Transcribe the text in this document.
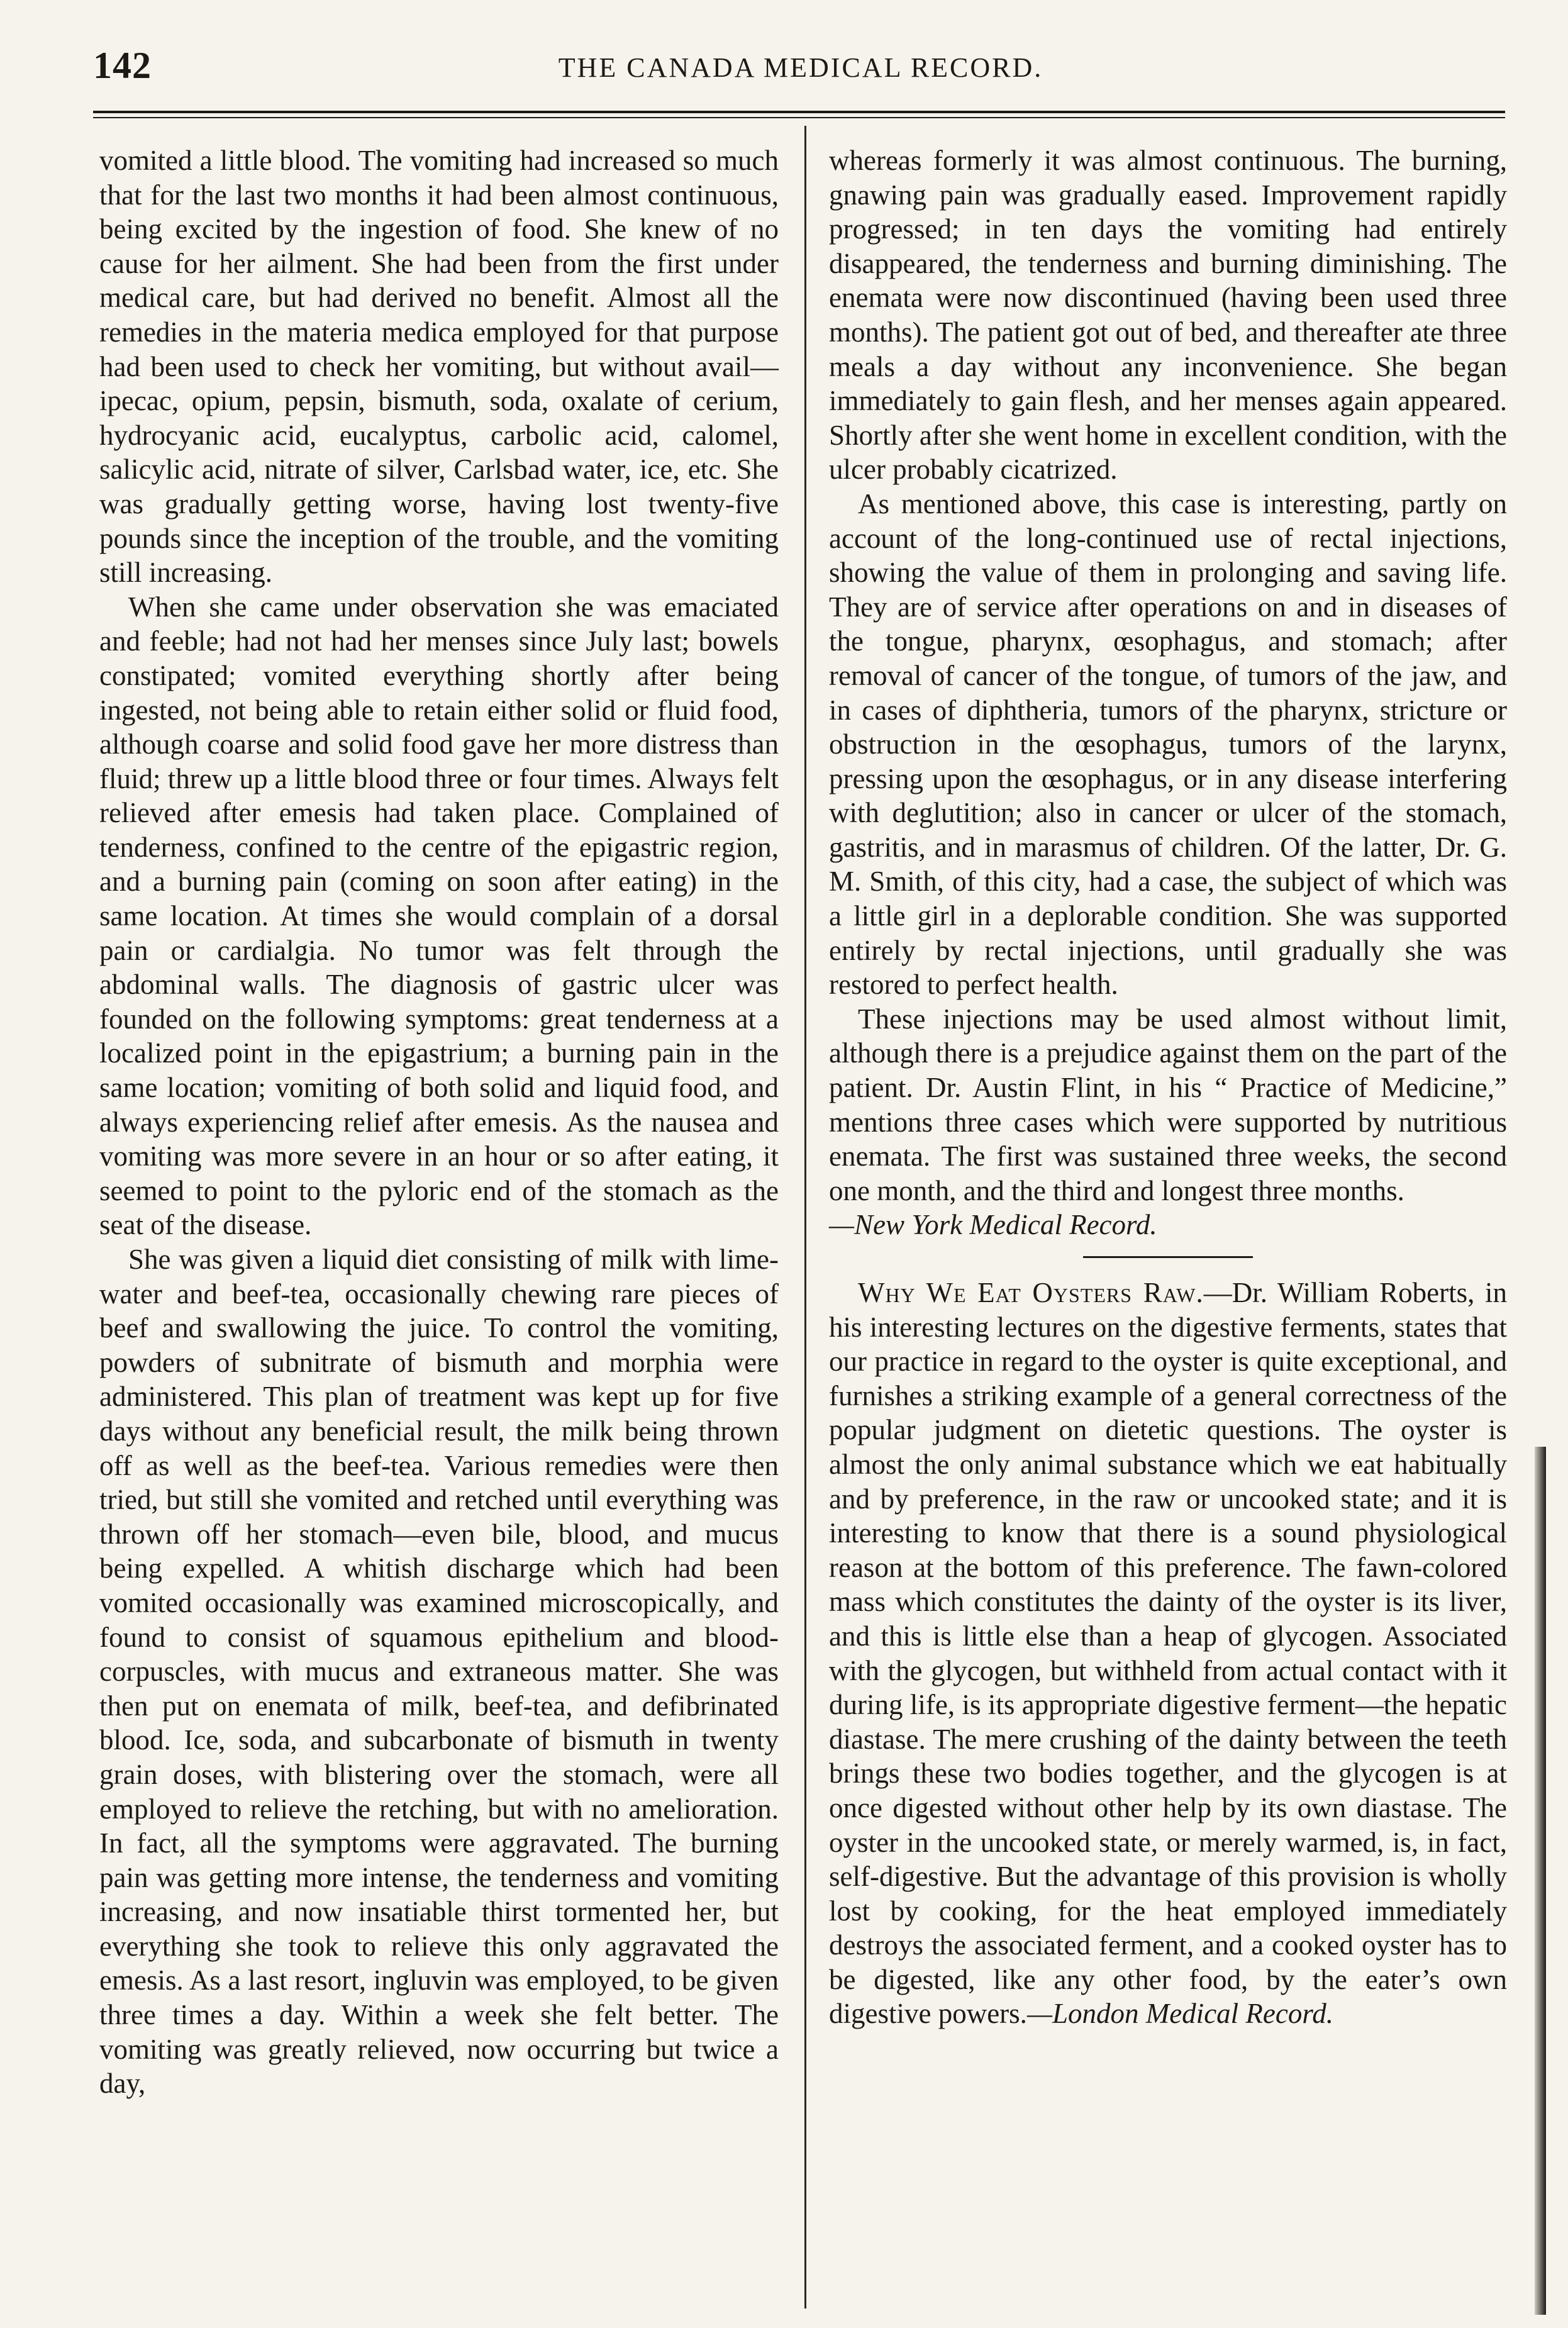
142	THE CANADA MEDICAL RECORD.

vomited a little blood. The vomiting had increased so much that for the last two months it had been almost continuous, being excited by the ingestion of food. She knew of no cause for her ailment. She had been from the first under medical care, but had derived no benefit. Almost all the remedies in the materia medica employed for that purpose had been used to check her vomiting, but without avail—ipecac, opium, pepsin, bismuth, soda, oxalate of cerium, hydrocyanic acid, eucalyptus, carbolic acid, calomel, salicylic acid, nitrate of silver, Carlsbad water, ice, etc. She was gradually getting worse, having lost twenty-five pounds since the inception of the trouble, and the vomiting still increasing.

When she came under observation she was emaciated and feeble; had not had her menses since July last; bowels constipated; vomited everything shortly after being ingested, not being able to retain either solid or fluid food, although coarse and solid food gave her more distress than fluid; threw up a little blood three or four times. Always felt relieved after emesis had taken place. Complained of tenderness, confined to the centre of the epigastric region, and a burning pain (coming on soon after eating) in the same location. At times she would complain of a dorsal pain or cardialgia. No tumor was felt through the abdominal walls. The diagnosis of gastric ulcer was founded on the following symptoms: great tenderness at a localized point in the epigastrium; a burning pain in the same location; vomiting of both solid and liquid food, and always experiencing relief after emesis. As the nausea and vomiting was more severe in an hour or so after eating, it seemed to point to the pyloric end of the stomach as the seat of the disease.

She was given a liquid diet consisting of milk with lime-water and beef-tea, occasionally chewing rare pieces of beef and swallowing the juice. To control the vomiting, powders of subnitrate of bismuth and morphia were administered. This plan of treatment was kept up for five days without any beneficial result, the milk being thrown off as well as the beef-tea. Various remedies were then tried, but still she vomited and retched until everything was thrown off her stomach—even bile, blood, and mucus being expelled. A whitish discharge which had been vomited occasionally was examined microscopically, and found to consist of squamous epithelium and blood-corpuscles, with mucus and extraneous matter. She was then put on enemata of milk, beef-tea, and defibrinated blood. Ice, soda, and subcarbonate of bismuth in twenty grain doses, with blistering over the stomach, were all employed to relieve the retching, but with no amelioration. In fact, all the symptoms were aggravated. The burning pain was getting more intense, the tenderness and vomiting increasing, and now insatiable thirst tormented her, but everything she took to relieve this only aggravated the emesis. As a last resort, ingluvin was employed, to be given three times a day. Within a week she felt better. The vomiting was greatly relieved, now occurring but twice a day,

whereas formerly it was almost continuous. The burning, gnawing pain was gradually eased. Improvement rapidly progressed; in ten days the vomiting had entirely disappeared, the tenderness and burning diminishing. The enemata were now discontinued (having been used three months). The patient got out of bed, and thereafter ate three meals a day without any inconvenience. She began immediately to gain flesh, and her menses again appeared. Shortly after she went home in excellent condition, with the ulcer probably cicatrized.

As mentioned above, this case is interesting, partly on account of the long-continued use of rectal injections, showing the value of them in prolonging and saving life. They are of service after operations on and in diseases of the tongue, pharynx, œsophagus, and stomach; after removal of cancer of the tongue, of tumors of the jaw, and in cases of diphtheria, tumors of the pharynx, stricture or obstruction in the œsophagus, tumors of the larynx, pressing upon the œsophagus, or in any disease interfering with deglutition; also in cancer or ulcer of the stomach, gastritis, and in marasmus of children. Of the latter, Dr. G. M. Smith, of this city, had a case, the subject of which was a little girl in a deplorable condition. She was supported entirely by rectal injections, until gradually she was restored to perfect health.

These injections may be used almost without limit, although there is a prejudice against them on the part of the patient. Dr. Austin Flint, in his “ Practice of Medicine,” mentions three cases which were supported by nutritious enemata. The first was sustained three weeks, the second one month, and the third and longest three months.
—New York Medical Record.

Why We Eat Oysters Raw.—Dr. William Roberts, in his interesting lectures on the digestive ferments, states that our practice in regard to the oyster is quite exceptional, and furnishes a striking example of a general correctness of the popular judgment on dietetic questions. The oyster is almost the only animal substance which we eat habitually and by preference, in the raw or uncooked state; and it is interesting to know that there is a sound physiological reason at the bottom of this preference. The fawn-colored mass which constitutes the dainty of the oyster is its liver, and this is little else than a heap of glycogen. Associated with the glycogen, but withheld from actual contact with it during life, is its appropriate digestive ferment—the hepatic diastase. The mere crushing of the dainty between the teeth brings these two bodies together, and the glycogen is at once digested without other help by its own diastase. The oyster in the uncooked state, or merely warmed, is, in fact, self-digestive. But the advantage of this provision is wholly lost by cooking, for the heat employed immediately destroys the associated ferment, and a cooked oyster has to be digested, like any other food, by the eater’s own digestive powers.—London Medical Record.
